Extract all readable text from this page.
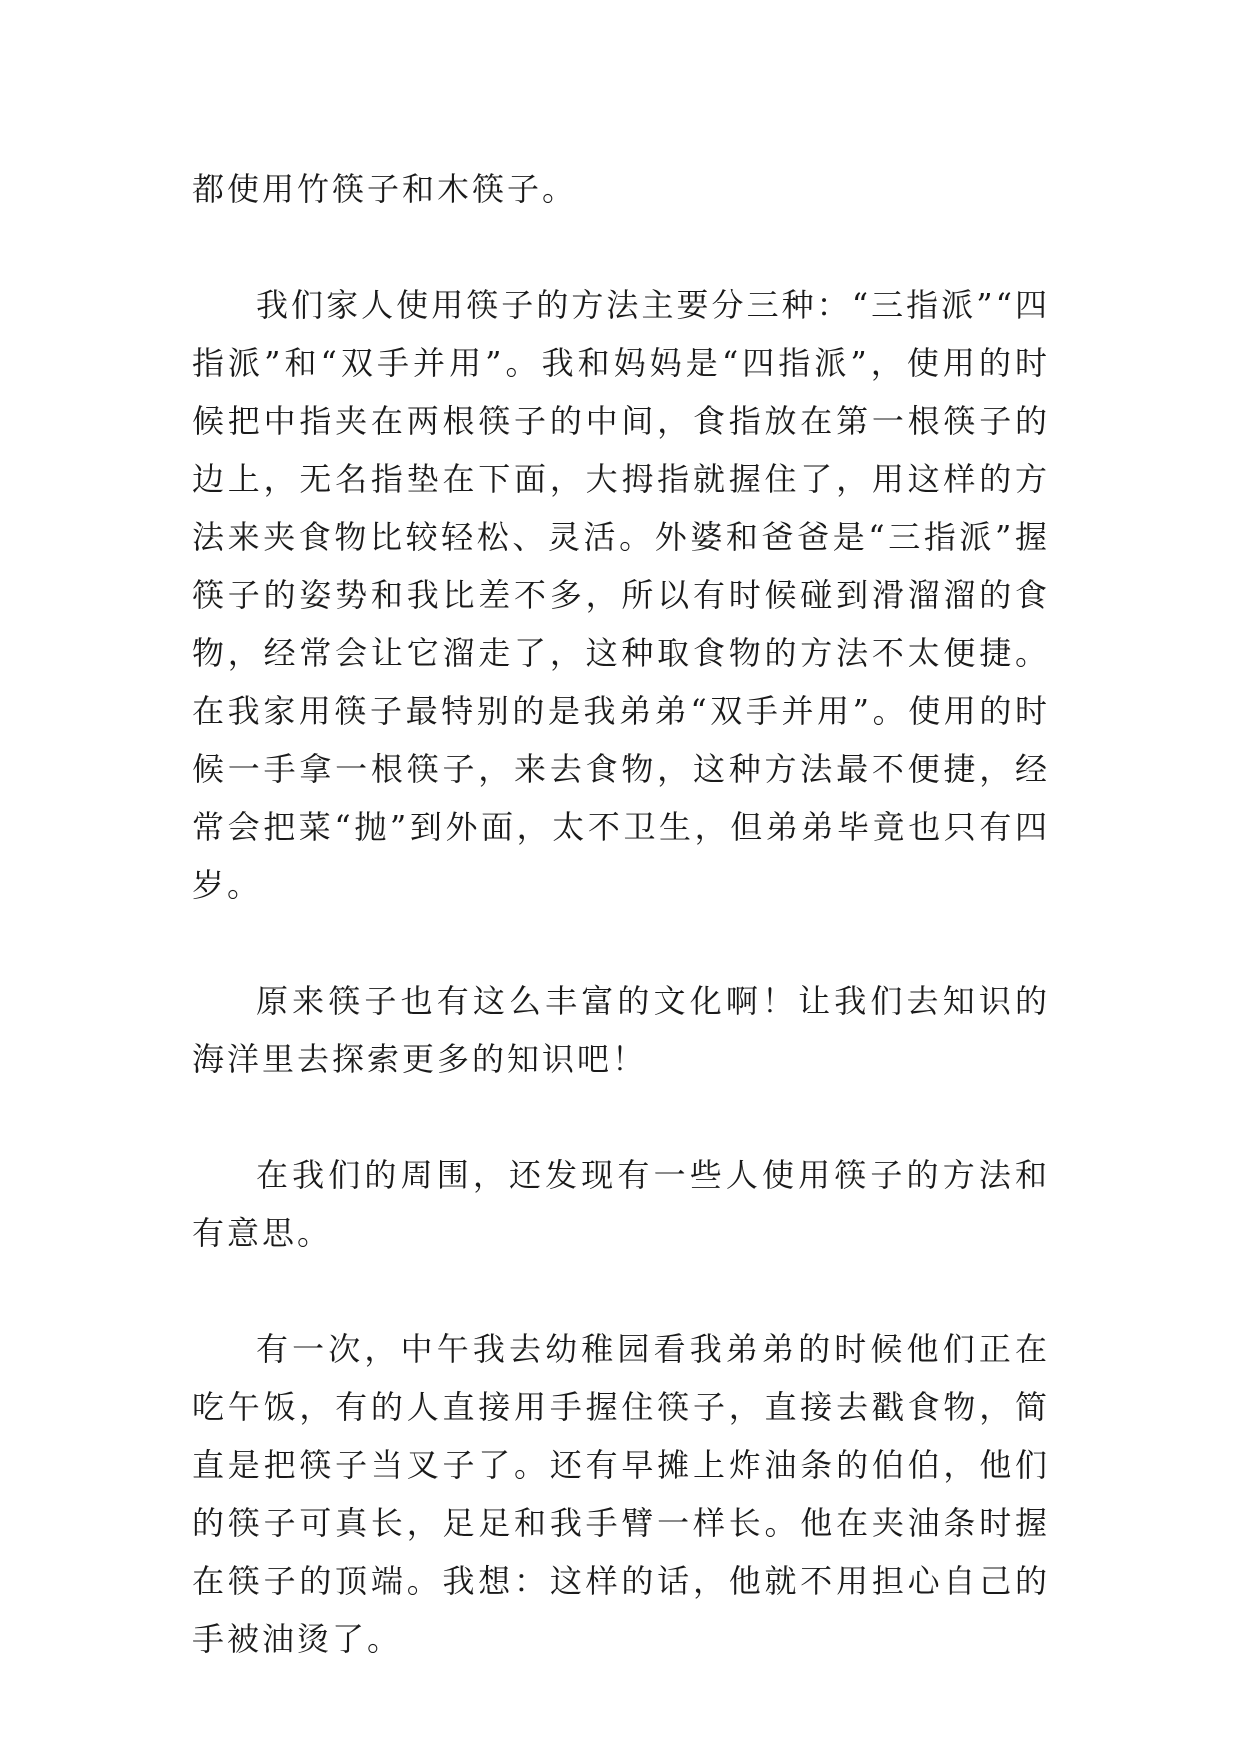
都使用竹筷子和木筷子。

我们家人使用筷子的方法主要分三种：“三指派”“四指派”和“双手并用”。我和妈妈是“四指派”，使用的时候把中指夹在两根筷子的中间，食指放在第一根筷子的边上，无名指垫在下面，大拇指就握住了，用这样的方法来夹食物比较轻松、灵活。外婆和爸爸是“三指派”握筷子的姿势和我比差不多，所以有时候碰到滑溜溜的食物，经常会让它溜走了，这种取食物的方法不太便捷。在我家用筷子最特别的是我弟弟“双手并用”。使用的时候一手拿一根筷子，来去食物，这种方法最不便捷，经常会把菜“抛”到外面，太不卫生，但弟弟毕竟也只有四岁。

原来筷子也有这么丰富的文化啊！让我们去知识的海洋里去探索更多的知识吧！

在我们的周围，还发现有一些人使用筷子的方法和有意思。

有一次，中午我去幼稚园看我弟弟的时候他们正在吃午饭，有的人直接用手握住筷子，直接去戳食物，简直是把筷子当叉子了。还有早摊上炸油条的伯伯，他们的筷子可真长，足足和我手臂一样长。他在夹油条时握在筷子的顶端。我想：这样的话，他就不用担心自己的手被油烫了。
